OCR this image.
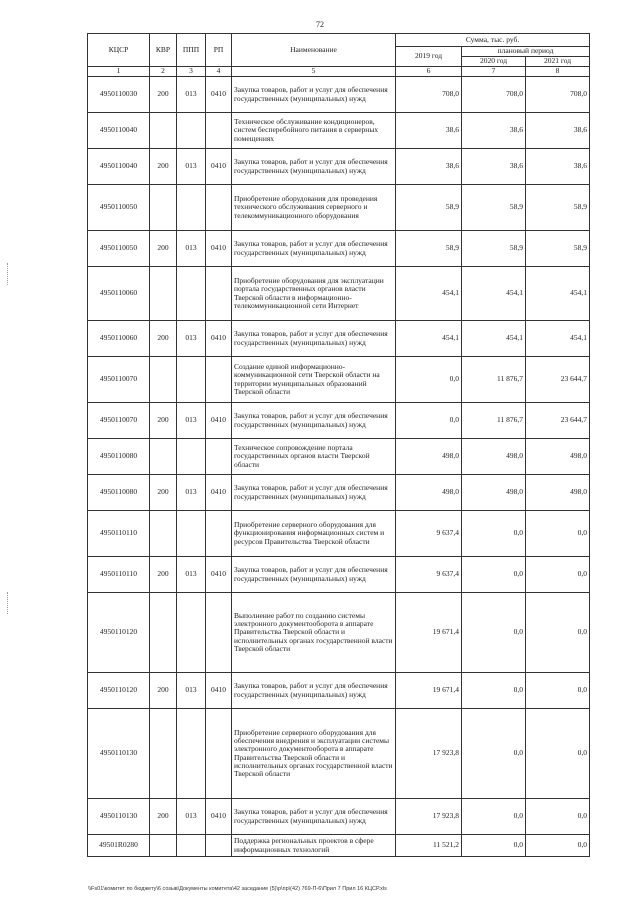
72
КЦСР	КВР	ППП	РП	Наименование	Сумма, тыс. руб.		
					2019 год	плановый период	
						2020 год	2021 год
1	2	3	4	5	6	7	8
4950110030	200	013	0410	Закупка товаров, работ и услуг для обеспечения государственных (муниципальных) нужд	708,0	708,0	708,0
4950110040				Техническое обслуживание кондиционеров, систем бесперебойного питания в серверных помещениях	38,6	38,6	38,6
4950110040	200	013	0410	Закупка товаров, работ и услуг для обеспечения государственных (муниципальных) нужд	38,6	38,6	38,6
4950110050				Приобретение оборудования для проведения технического обслуживания серверного и телекоммуникационного оборудования	58,9	58,9	58,9
4950110050	200	013	0410	Закупка товаров, работ и услуг для обеспечения государственных (муниципальных) нужд	58,9	58,9	58,9
4950110060				Приобретение оборудования для эксплуатации портала государственных органов власти Тверской области в информационно-телекоммуникационной сети Интернет	454,1	454,1	454,1
4950110060	200	013	0410	Закупка товаров, работ и услуг для обеспечения государственных (муниципальных) нужд	454,1	454,1	454,1
4950110070				Создание единой информационно-коммуникационной сети Тверской области на территории муниципальных образований Тверской области	0,0	11 876,7	23 644,7
4950110070	200	013	0410	Закупка товаров, работ и услуг для обеспечения государственных (муниципальных) нужд	0,0	11 876,7	23 644,7
4950110080				Техническое сопровождение портала государственных органов власти Тверской области	498,0	498,0	498,0
4950110080	200	013	0410	Закупка товаров, работ и услуг для обеспечения государственных (муниципальных) нужд	498,0	498,0	498,0
4950110110				Приобретение серверного оборудования для функционирования информационных систем и ресурсов Правительства Тверской области	9 637,4	0,0	0,0
4950110110	200	013	0410	Закупка товаров, работ и услуг для обеспечения государственных (муниципальных) нужд	9 637,4	0,0	0,0
4950110120				Выполнение работ по созданию системы электронного документооборота в аппарате Правительства Тверской области и исполнительных органах государственной власти Тверской области	19 671,4	0,0	0,0
4950110120	200	013	0410	Закупка товаров, работ и услуг для обеспечения государственных (муниципальных) нужд	19 671,4	0,0	0,0
4950110130				Приобретение серверного оборудования для обеспечения внедрения и эксплуатации системы электронного документооборота в аппарате Правительства Тверской области и исполнительных органах государственной власти Тверской области	17 923,8	0,0	0,0
4950110130	200	013	0410	Закупка товаров, работ и услуг для обеспечения государственных (муниципальных) нужд	17 923,8	0,0	0,0
49501R0280				Поддержка региональных проектов в сфере информационных технологий	11 521,2	0,0	0,0
\\Fs01\комитет по бюджету\6 созыв\Документы комитета\42 заседание (5)\р\пр\(42) 769-П-6\Прил 7 Прил 16 КЦСР.xls
